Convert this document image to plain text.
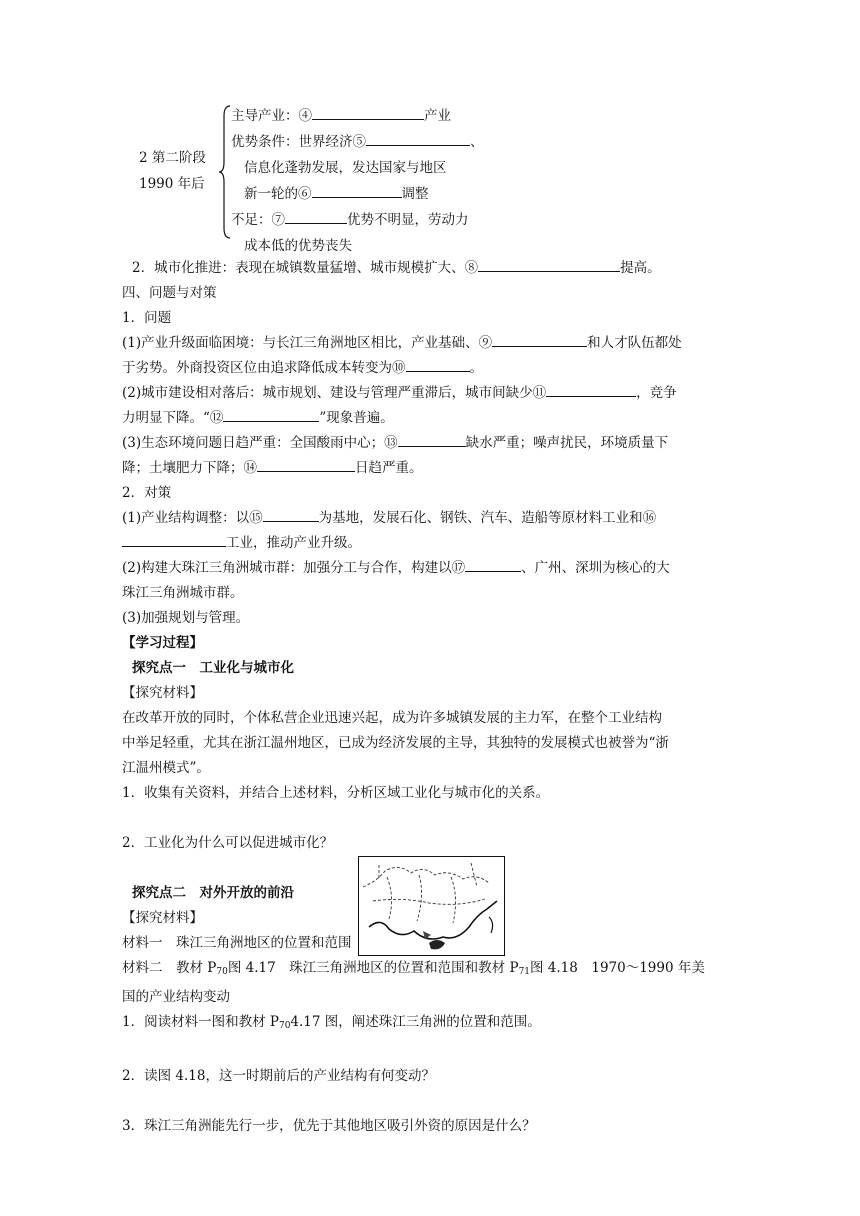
2 第二阶段
1990 年后
主导产业：④	产业
优势条件：世界经济⑤	、
信息化蓬勃发展，发达国家与地区
新一轮的⑥	调整
不足：⑦	优势不明显，劳动力
成本低的优势丧失
2．城市化推进：表现在城镇数量猛增、城市规模扩大、⑧	提高。
四、问题与对策
1．问题
(1)产业升级面临困境：与长江三角洲地区相比，产业基础、⑨	和人才队伍都处
于劣势。外商投资区位由追求降低成本转变为⑩	。
(2)城市建设相对落后：城市规划、建设与管理严重滞后，城市间缺少⑪	，竞争
力明显下降。“⑫	”现象普遍。
(3)生态环境问题日趋严重：全国酸雨中心；⑬	缺水严重；噪声扰民，环境质量下
降；土壤肥力下降；⑭	日趋严重。
2．对策
(1)产业结构调整：以⑮	为基地，发展石化、钢铁、汽车、造船等原材料工业和⑯
工业，推动产业升级。
(2)构建大珠江三角洲城市群：加强分工与合作，构建以⑰	、广州、深圳为核心的大
珠江三角洲城市群。
(3)加强规划与管理。
【学习过程】
探究点一　工业化与城市化
【探究材料】
在改革开放的同时，个体私营企业迅速兴起，成为许多城镇发展的主力军，在整个工业结构
中举足轻重，尤其在浙江温州地区，已成为经济发展的主导，其独特的发展模式也被誉为“浙
江温州模式”。
1．收集有关资料，并结合上述材料，分析区域工业化与城市化的关系。
2．工业化为什么可以促进城市化？
探究点二　对外开放的前沿
【探究材料】
材料一　珠江三角洲地区的位置和范围
材料二　教材 $P_{70}$图 4.17　珠江三角洲地区的位置和范围和教材 $P_{71}$图 4.18　1970～1990 年美
国的产业结构变动
1．阅读材料一图和教材 $P_{70}4.17$ 图，阐述珠江三角洲的位置和范围。
2．读图 4.18，这一时期前后的产业结构有何变动？
3．珠江三角洲能先行一步，优先于其他地区吸引外资的原因是什么？
